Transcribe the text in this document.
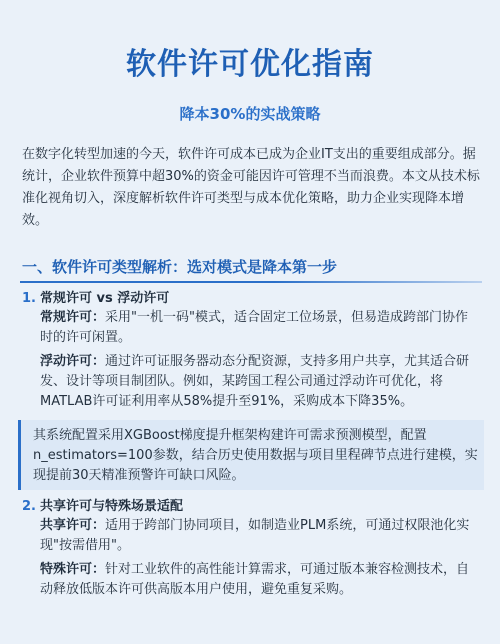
软件许可优化指南
降本30%的实战策略
在数字化转型加速的今天，软件许可成本已成为企业IT支出的重要组成部分。据统计，企业软件预算中超30%的资金可能因许可管理不当而浪费。本文从技术标准化视角切入，深度解析软件许可类型与成本优化策略，助力企业实现降本增效。
一、软件许可类型解析：选对模式是降本第一步
1. 常规许可 vs 浮动许可
常规许可：采用"一机一码"模式，适合固定工位场景，但易造成跨部门协作时的许可闲置。
浮动许可：通过许可证服务器动态分配资源，支持多用户共享，尤其适合研发、设计等项目制团队。例如，某跨国工程公司通过浮动许可优化，将MATLAB许可证利用率从58%提升至91%，采购成本下降35%。
其系统配置采用XGBoost梯度提升框架构建许可需求预测模型，配置n_estimators=100参数，结合历史使用数据与项目里程碑节点进行建模，实现提前30天精准预警许可缺口风险。
2. 共享许可与特殊场景适配
共享许可：适用于跨部门协同项目，如制造业PLM系统，可通过权限池化实现"按需借用"。
特殊许可：针对工业软件的高性能计算需求，可通过版本兼容检测技术，自动释放低版本许可供高版本用户使用，避免重复采购。
